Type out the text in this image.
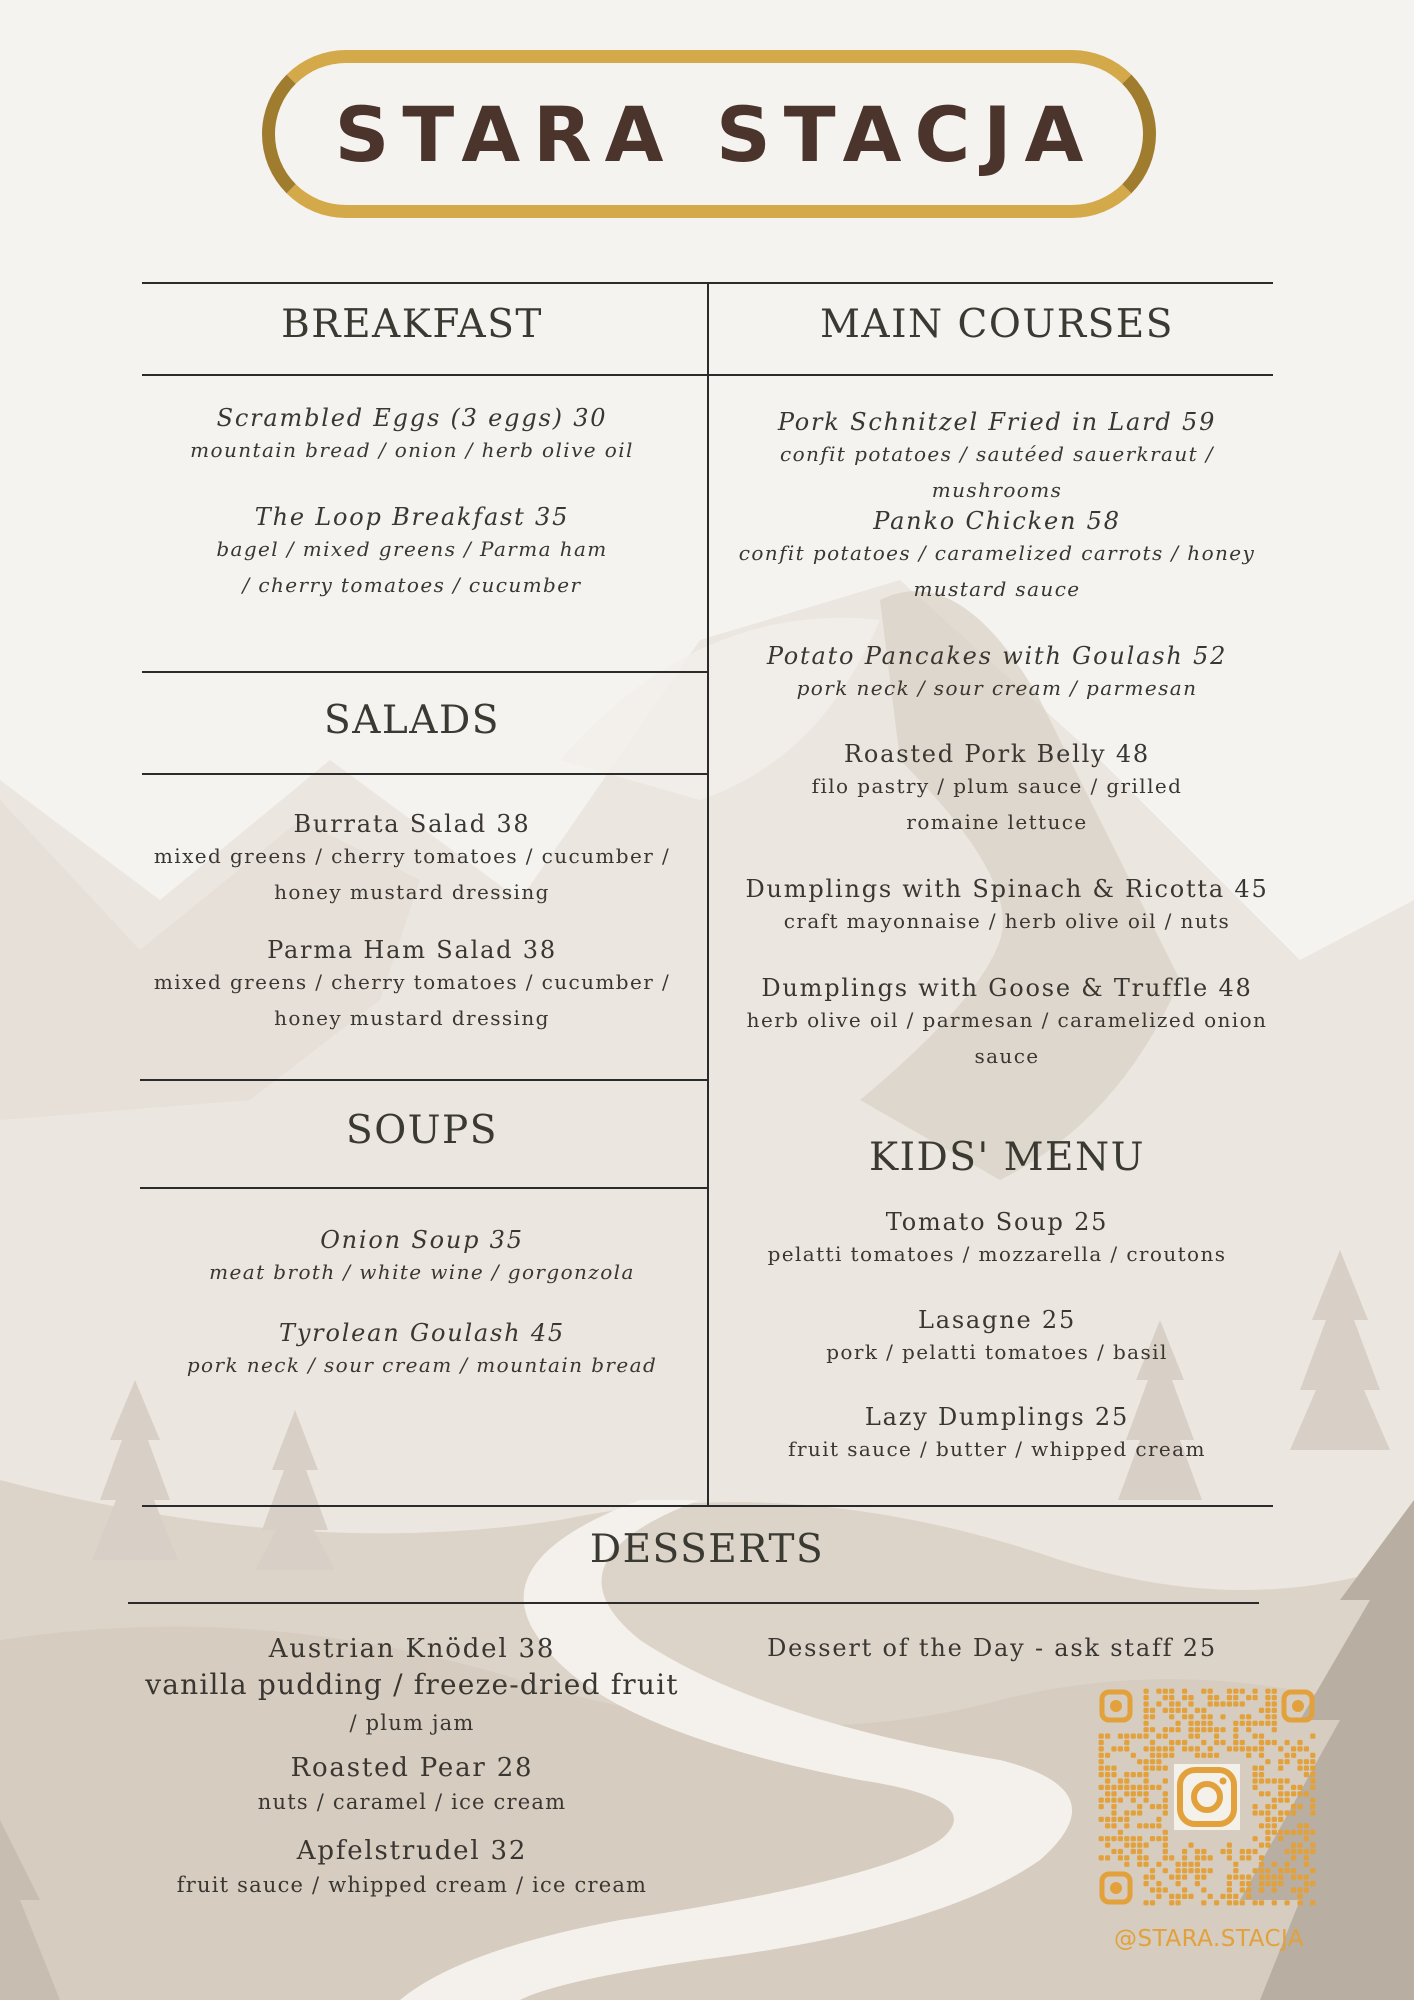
STARA STACJA
BREAKFAST
Scrambled Eggs (3 eggs) 30
mountain bread / onion / herb olive oil
The Loop Breakfast 35
bagel / mixed greens / Parma ham
/ cherry tomatoes / cucumber
SALADS
Burrata Salad 38
mixed greens / cherry tomatoes / cucumber /
honey mustard dressing
Parma Ham Salad 38
mixed greens / cherry tomatoes / cucumber /
honey mustard dressing
SOUPS
Onion Soup 35
meat broth / white wine / gorgonzola
Tyrolean Goulash 45
pork neck / sour cream / mountain bread
MAIN COURSES
Pork Schnitzel Fried in Lard 59
confit potatoes / sautéed sauerkraut / mushrooms
Panko Chicken 58
confit potatoes / caramelized carrots / honey
mustard sauce
Potato Pancakes with Goulash 52
pork neck / sour cream / parmesan
Roasted Pork Belly 48
filo pastry / plum sauce / grilled
romaine lettuce
Dumplings with Spinach & Ricotta 45
craft mayonnaise / herb olive oil / nuts
Dumplings with Goose & Truffle 48
herb olive oil / parmesan / caramelized onion
sauce
KIDS' MENU
Tomato Soup 25
pelatti tomatoes / mozzarella / croutons
Lasagne 25
pork / pelatti tomatoes / basil
Lazy Dumplings 25
fruit sauce / butter / whipped cream
DESSERTS
Austrian Knödel 38
vanilla pudding / freeze-dried fruit
/ plum jam
Roasted Pear 28
nuts / caramel / ice cream
Apfelstrudel 32
fruit sauce / whipped cream / ice cream
Dessert of the Day - ask staff 25
@STARA.STACJA
